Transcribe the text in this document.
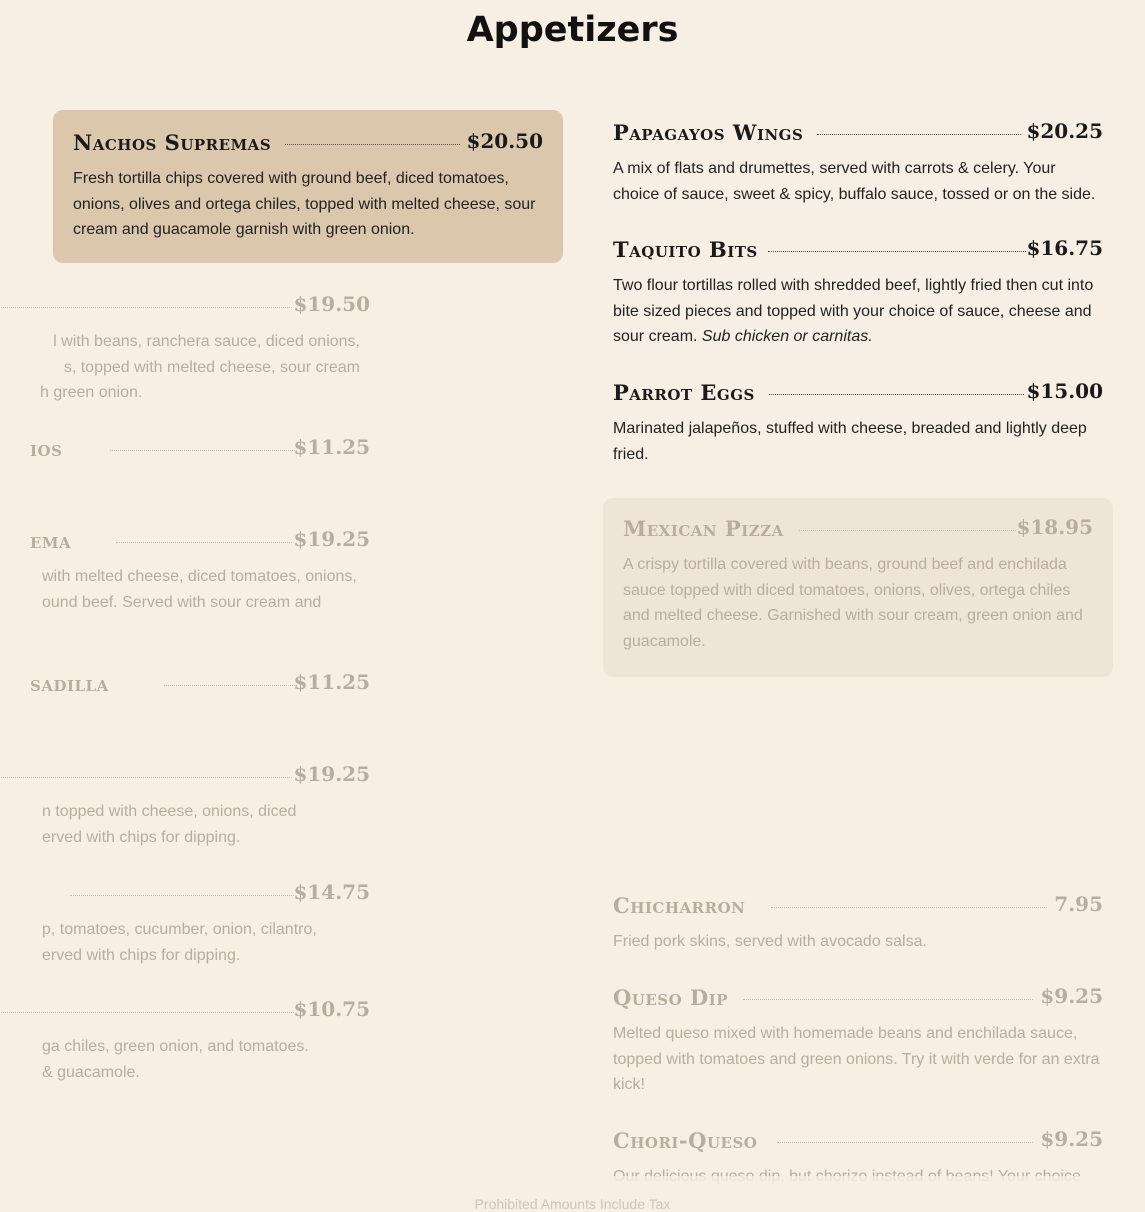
Appetizers
Nachos Supremas	$20.50
Fresh tortilla chips covered with ground beef, diced tomatoes, onions, olives and ortega chiles, topped with melted cheese, sour cream and guacamole garnish with green onion.
Papagayos Wings	$20.25
A mix of flats and drumettes, served with carrots & celery. Your choice of sauce, sweet & spicy, buffalo sauce, tossed or on the side.
Taquito Bits	$16.75
Two flour tortillas rolled with shredded beef, lightly fried then cut into bite sized pieces and topped with your choice of sauce, cheese and sour cream. Sub chicken or carnitas.
Parrot Eggs	$15.00
Marinated jalapeños, stuffed with cheese, breaded and lightly deep fried.
Mexican Pizza	$18.95
A crispy tortilla covered with beans, ground beef and enchilada sauce topped with diced tomatoes, onions, olives, ortega chiles and melted cheese. Garnished with sour cream, green onion and guacamole.
Chicharron	7.95
Fried pork skins, served with avocado salsa.
Queso Dip	$9.25
Melted queso mixed with homemade beans and enchilada sauce, topped with tomatoes and green onions. Try it with verde for an extra kick!
Chori-Queso	$9.25
$19.50
l with beans, ranchera sauce, diced onions,
s, topped with melted cheese, sour cream
h green onion.
ios	$11.25
ema	$19.25
with melted cheese, diced tomatoes, onions,
ound beef. Served with sour cream and
sadilla	$11.25
$19.25
n topped with cheese, onions, diced
erved with chips for dipping.
$14.75
p, tomatoes, cucumber, onion, cilantro,
erved with chips for dipping.
$10.75
ga chiles, green onion, and tomatoes.
& guacamole.
Prohibited Amounts Include Tax
